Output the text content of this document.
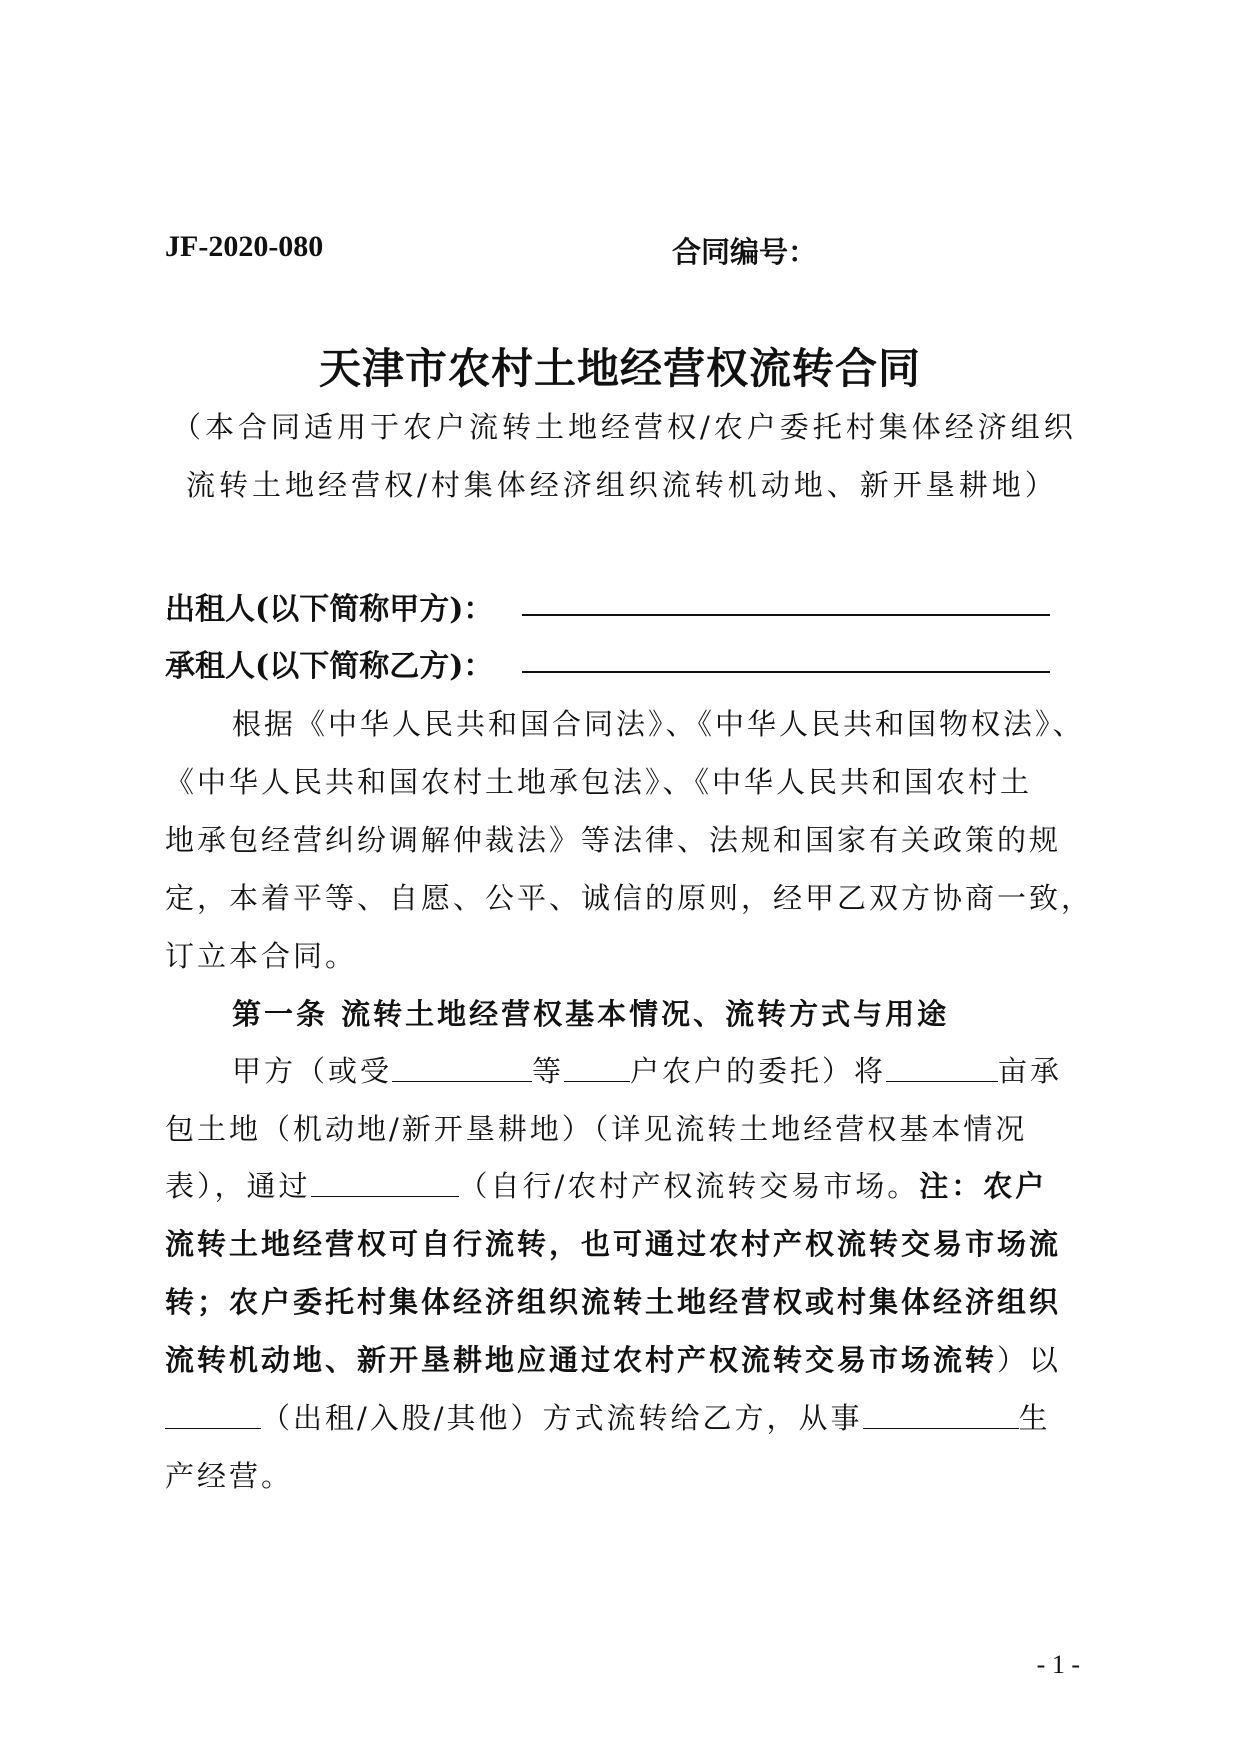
JF-2020-080	合同编号：
天津市农村土地经营权流转合同
（本合同适用于农户流转土地经营权/农户委托村集体经济组织
流转土地经营权/村集体经济组织流转机动地、新开垦耕地）
出租人(以下简称甲方)：
承租人(以下简称乙方)：
根据《中华人民共和国合同法》、《中华人民共和国物权法》、
《中华人民共和国农村土地承包法》、《中华人民共和国农村土
地承包经营纠纷调解仲裁法》等法律、法规和国家有关政策的规
定，本着平等、自愿、公平、诚信的原则，经甲乙双方协商一致，
订立本合同。
第一条 流转土地经营权基本情况、流转方式与用途
甲方（或受	等 户农户的委托）将	亩承
包土地（机动地/新开垦耕地）（详见流转土地经营权基本情况
表），通过	（自行/农村产权流转交易市场。注：农户
流转土地经营权可自行流转，也可通过农村产权流转交易市场流
转；农户委托村集体经济组织流转土地经营权或村集体经济组织
流转机动地、新开垦耕地应通过农村产权流转交易市场流转）以
（出租/入股/其他）方式流转给乙方，从事	生
产经营。
- 1 -
